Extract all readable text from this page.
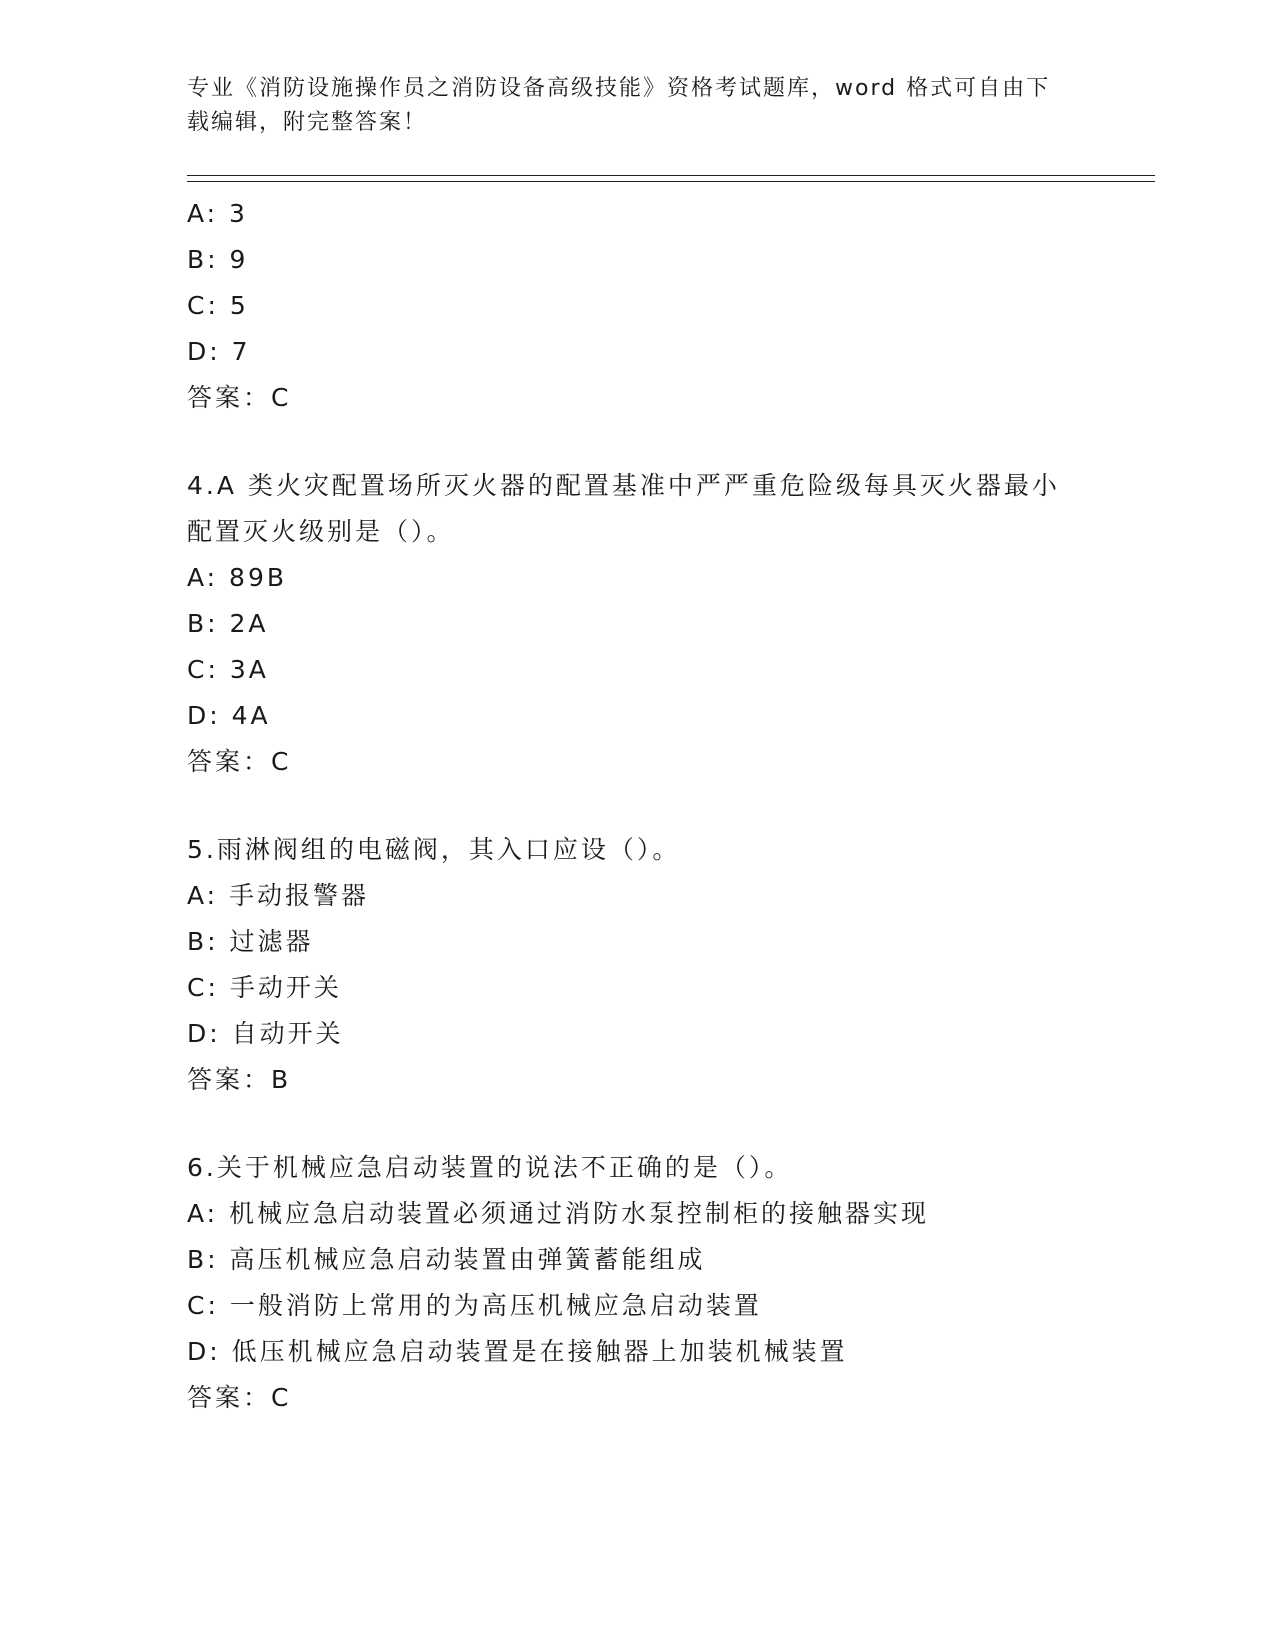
专业《消防设施操作员之消防设备高级技能》资格考试题库，word 格式可自由下
载编辑，附完整答案！
A: 3
B: 9
C: 5
D: 7
答案：C
4.A 类火灾配置场所灭火器的配置基准中严严重危险级每具灭火器最小
配置灭火级别是（）。
A: 89B
B: 2A
C: 3A
D: 4A
答案：C
5.雨淋阀组的电磁阀，其入口应设（）。
A: 手动报警器
B: 过滤器
C: 手动开关
D: 自动开关
答案：B
6.关于机械应急启动装置的说法不正确的是（）。
A: 机械应急启动装置必须通过消防水泵控制柜的接触器实现
B: 高压机械应急启动装置由弹簧蓄能组成
C: 一般消防上常用的为高压机械应急启动装置
D: 低压机械应急启动装置是在接触器上加装机械装置
答案：C
